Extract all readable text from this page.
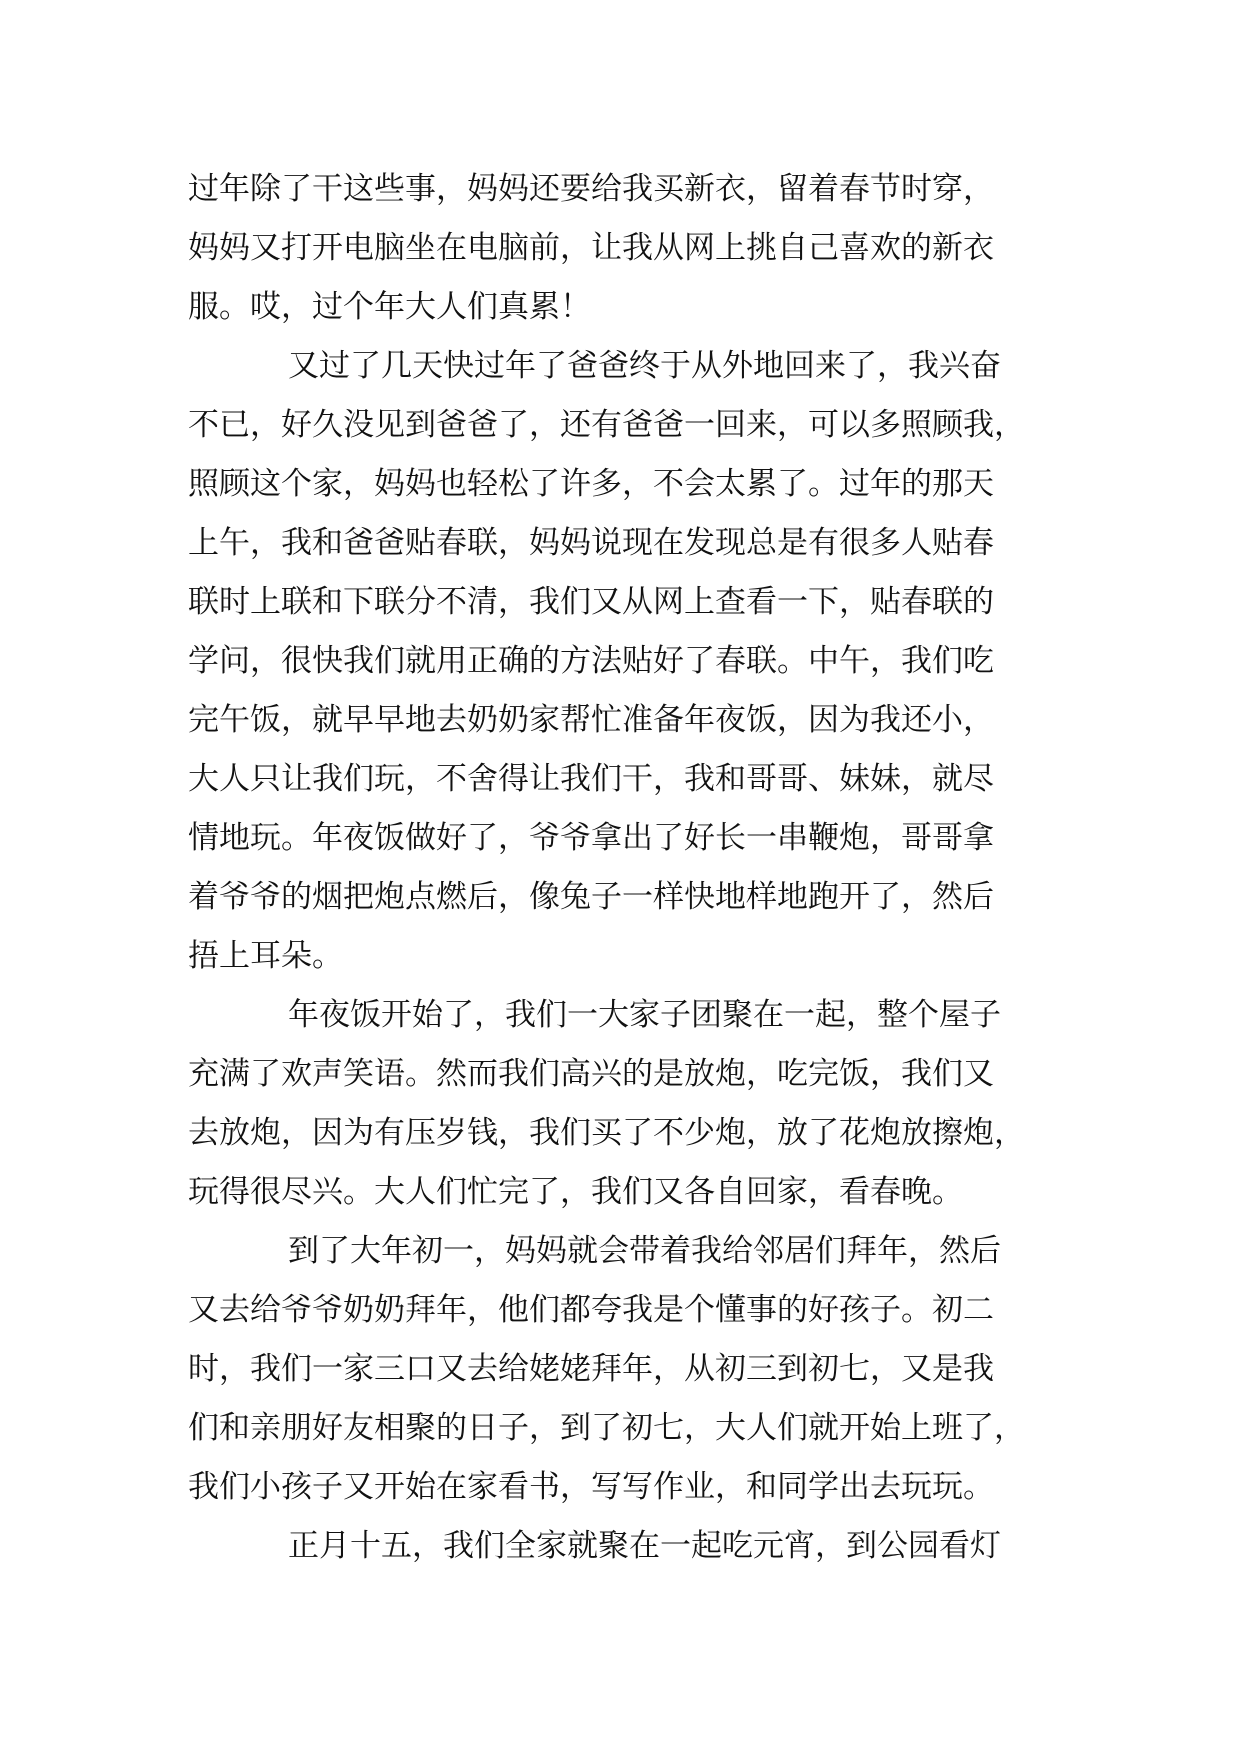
过年除了干这些事，妈妈还要给我买新衣，留着春节时穿，
妈妈又打开电脑坐在电脑前，让我从网上挑自己喜欢的新衣
服。哎，过个年大人们真累！
又过了几天快过年了爸爸终于从外地回来了，我兴奋
不已，好久没见到爸爸了，还有爸爸一回来，可以多照顾我，
照顾这个家，妈妈也轻松了许多，不会太累了。过年的那天
上午，我和爸爸贴春联，妈妈说现在发现总是有很多人贴春
联时上联和下联分不清，我们又从网上查看一下，贴春联的
学问，很快我们就用正确的方法贴好了春联。中午，我们吃
完午饭，就早早地去奶奶家帮忙准备年夜饭，因为我还小，
大人只让我们玩，不舍得让我们干，我和哥哥、妹妹，就尽
情地玩。年夜饭做好了，爷爷拿出了好长一串鞭炮，哥哥拿
着爷爷的烟把炮点燃后，像兔子一样快地样地跑开了，然后
捂上耳朵。
年夜饭开始了，我们一大家子团聚在一起，整个屋子
充满了欢声笑语。然而我们高兴的是放炮，吃完饭，我们又
去放炮，因为有压岁钱，我们买了不少炮，放了花炮放擦炮，
玩得很尽兴。大人们忙完了，我们又各自回家，看春晚。
到了大年初一，妈妈就会带着我给邻居们拜年，然后
又去给爷爷奶奶拜年，他们都夸我是个懂事的好孩子。初二
时，我们一家三口又去给姥姥拜年，从初三到初七，又是我
们和亲朋好友相聚的日子，到了初七，大人们就开始上班了，
我们小孩子又开始在家看书，写写作业，和同学出去玩玩。
正月十五，我们全家就聚在一起吃元宵，到公园看灯
